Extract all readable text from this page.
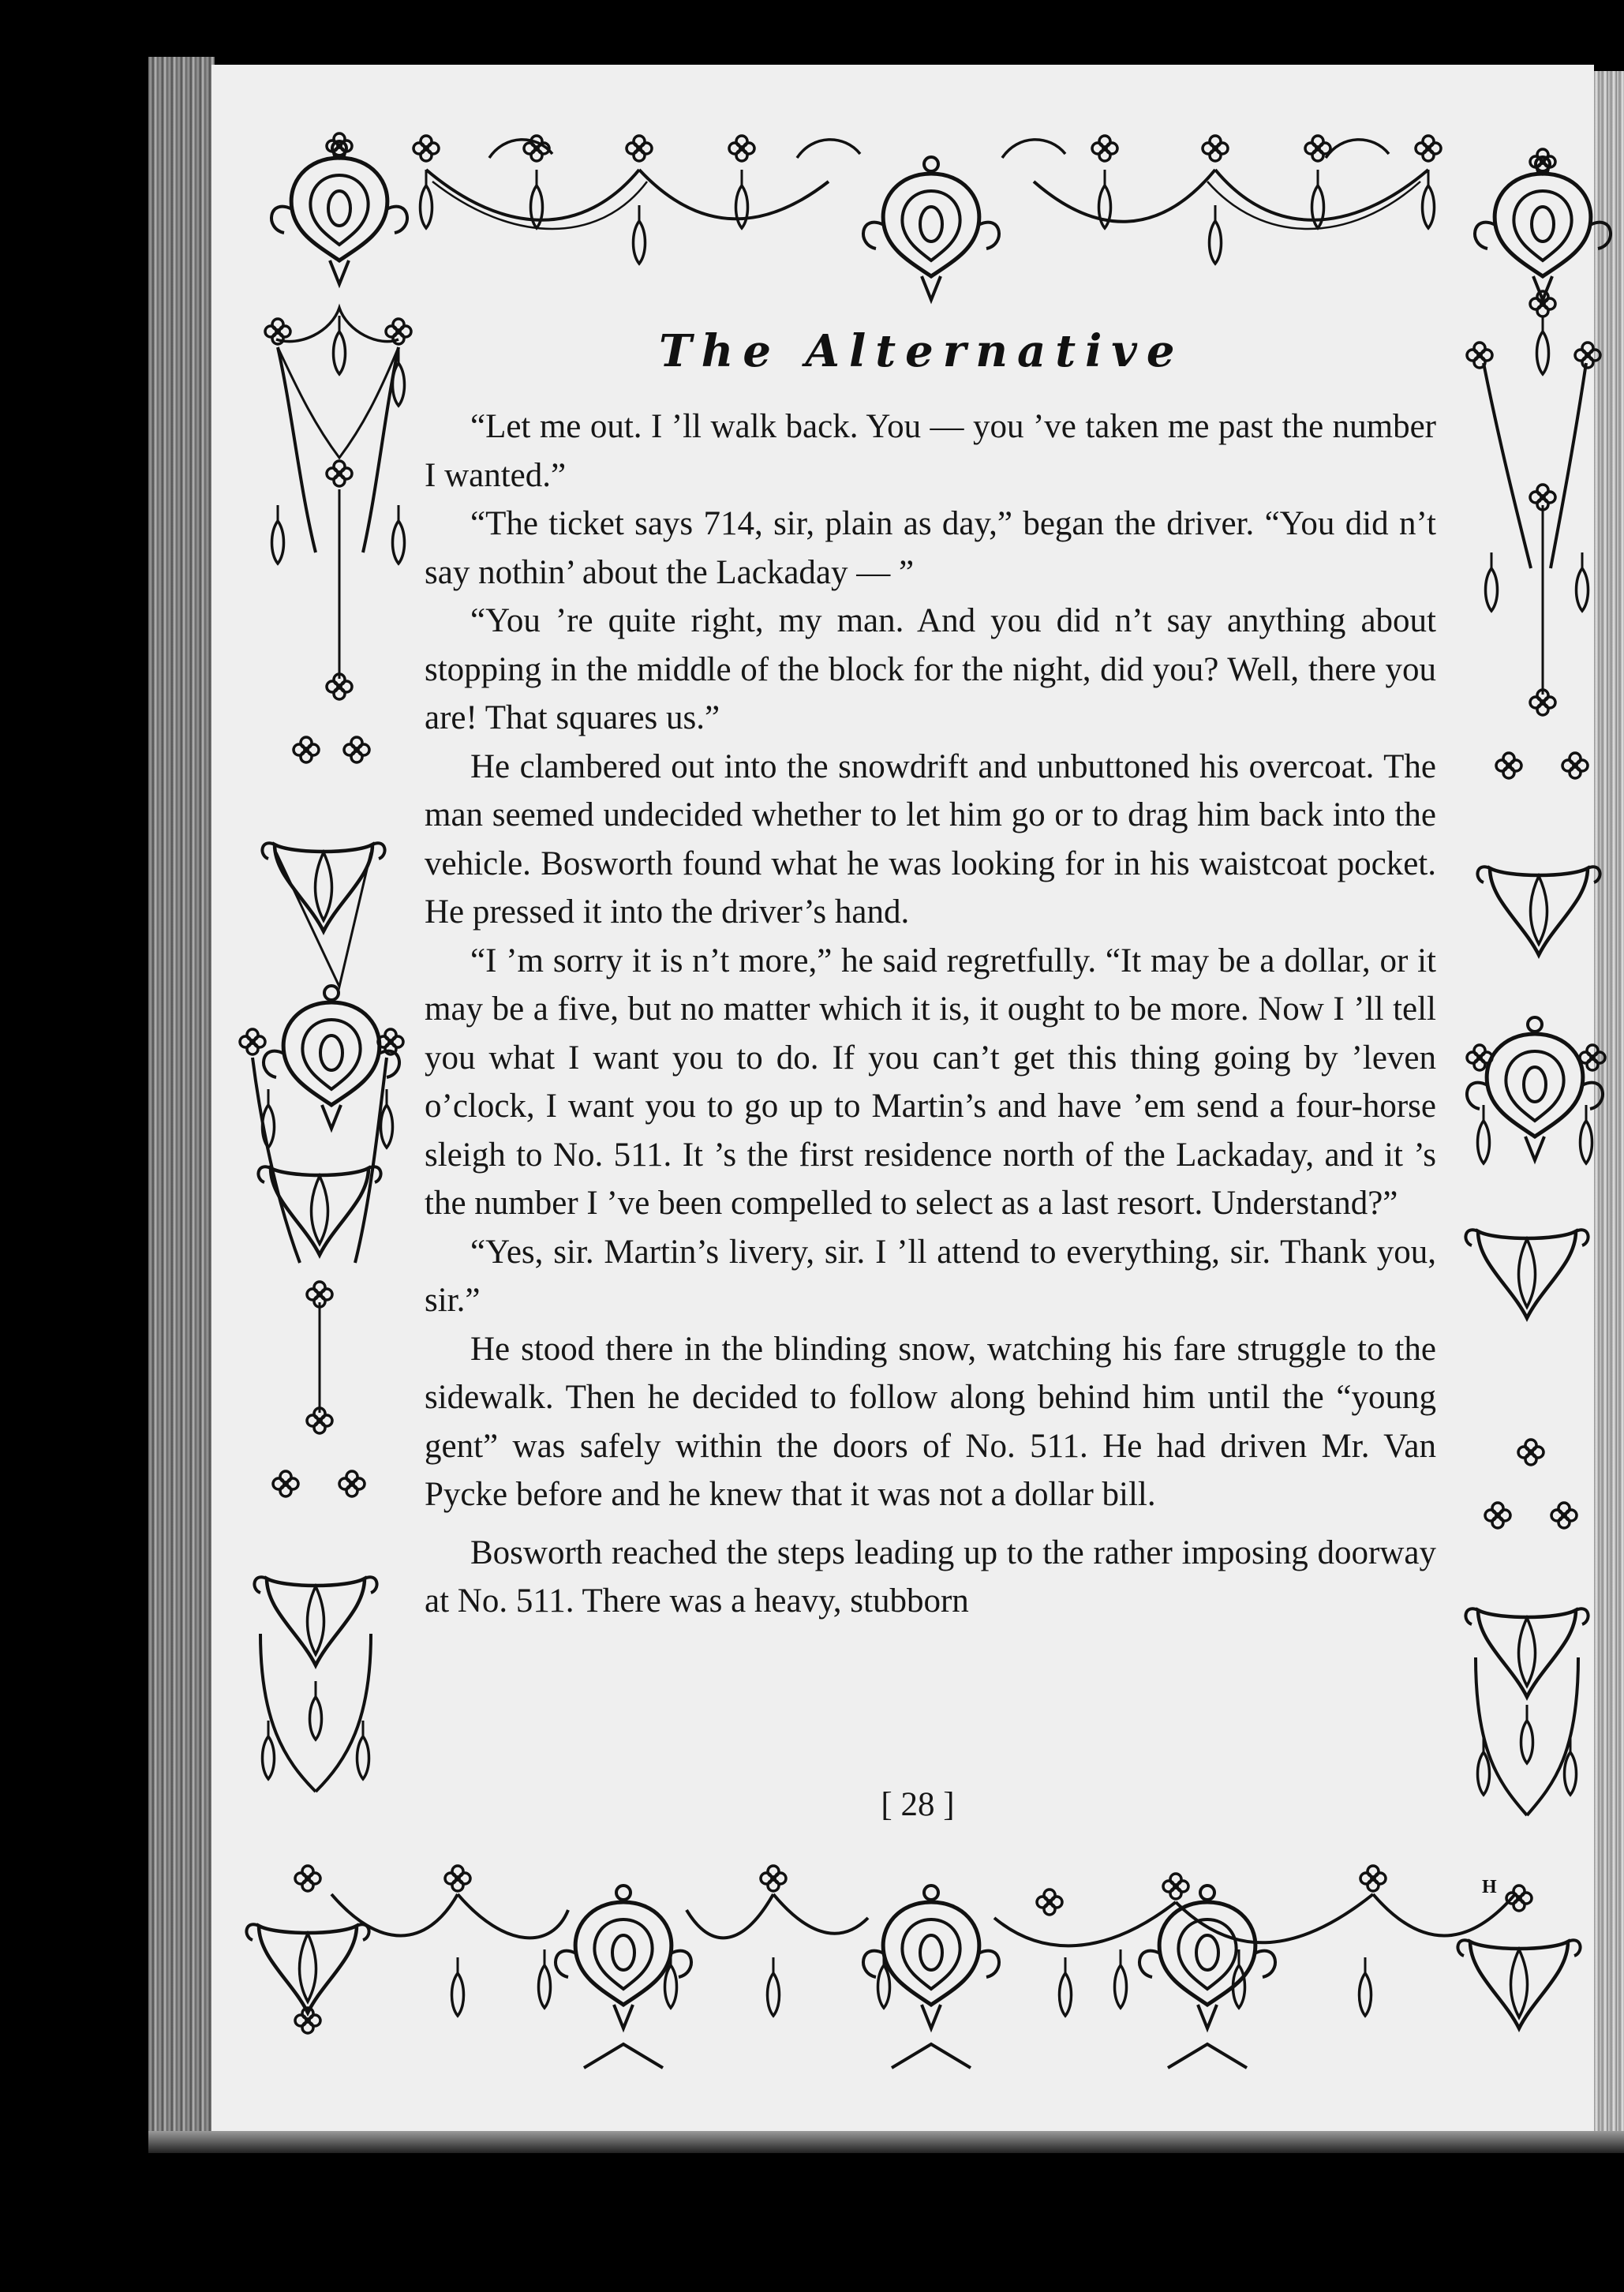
The Alternative

“Let me out. I ’ll walk back. You — you ’ve taken me past the number I wanted.”

“The ticket says 714, sir, plain as day,” began the driver. “You did n’t say nothin’ about the Lackaday — ”

“You ’re quite right, my man. And you did n’t say anything about stopping in the middle of the block for the night, did you? Well, there you are! That squares us.”

He clambered out into the snowdrift and unbuttoned his overcoat. The man seemed undecided whether to let him go or to drag him back into the vehicle. Bosworth found what he was looking for in his waistcoat pocket. He pressed it into the driver’s hand.

“I ’m sorry it is n’t more,” he said regretfully. “It may be a dollar, or it may be a five, but no matter which it is, it ought to be more. Now I ’ll tell you what I want you to do. If you can’t get this thing going by ’leven o’clock, I want you to go up to Martin’s and have ’em send a four-horse sleigh to No. 511. It ’s the first residence north of the Lackaday, and it ’s the number I ’ve been compelled to select as a last resort. Understand?”

“Yes, sir. Martin’s livery, sir. I ’ll attend to everything, sir. Thank you, sir.”

He stood there in the blinding snow, watching his fare struggle to the sidewalk. Then he decided to follow along behind him until the “young gent” was safely within the doors of No. 511. He had driven Mr. Van Pycke before and he knew that it was not a dollar bill.

Bosworth reached the steps leading up to the rather imposing doorway at No. 511. There was a heavy, stubborn

[ 28 ]
H
